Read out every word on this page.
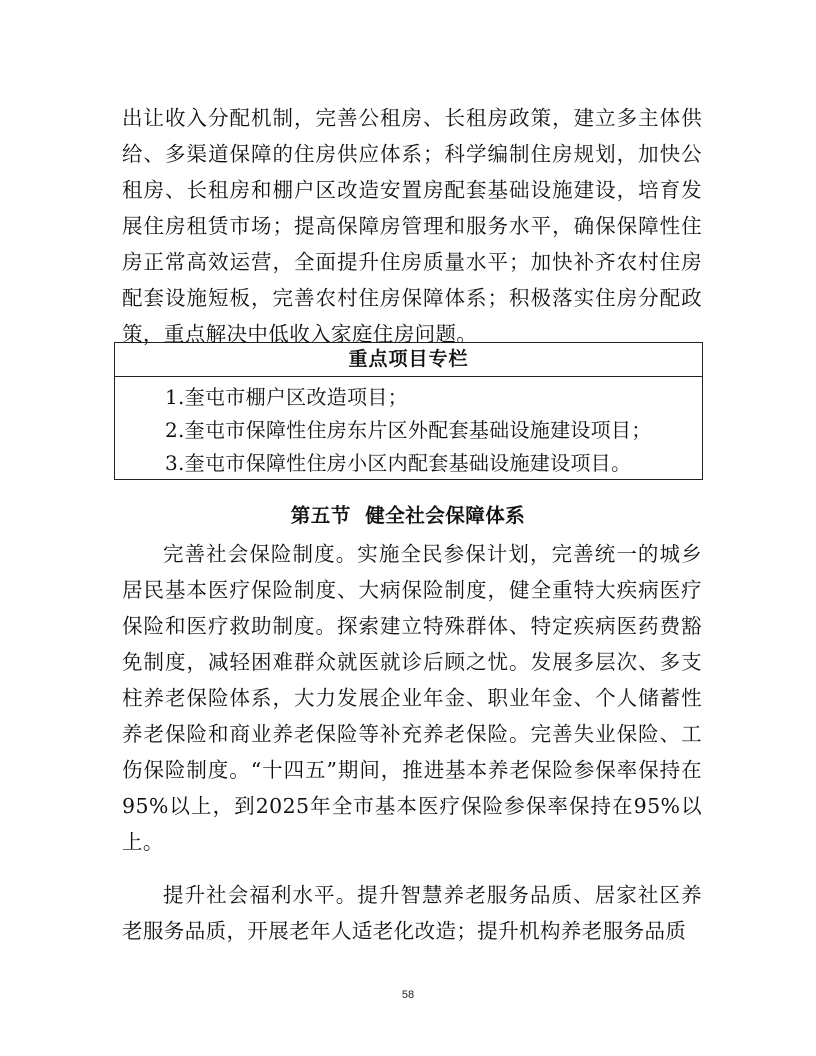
出让收入分配机制，完善公租房、长租房政策，建立多主体供给、多渠道保障的住房供应体系；科学编制住房规划，加快公租房、长租房和棚户区改造安置房配套基础设施建设，培育发展住房租赁市场；提高保障房管理和服务水平，确保保障性住房正常高效运营，全面提升住房质量水平；加快补齐农村住房配套设施短板，完善农村住房保障体系；积极落实住房分配政策，重点解决中低收入家庭住房问题。

重点项目专栏
1.奎屯市棚户区改造项目；
2.奎屯市保障性住房东片区外配套基础设施建设项目；
3.奎屯市保障性住房小区内配套基础设施建设项目。
第五节  健全社会保障体系

完善社会保险制度。实施全民参保计划，完善统一的城乡居民基本医疗保险制度、大病保险制度，健全重特大疾病医疗保险和医疗救助制度。探索建立特殊群体、特定疾病医药费豁免制度，减轻困难群众就医就诊后顾之忧。发展多层次、多支柱养老保险体系，大力发展企业年金、职业年金、个人储蓄性养老保险和商业养老保险等补充养老保险。完善失业保险、工伤保险制度。“十四五”期间，推进基本养老保险参保率保持在95%以上，到2025年全市基本医疗保险参保率保持在95%以上。

提升社会福利水平。提升智慧养老服务品质、居家社区养老服务品质，开展老年人适老化改造；提升机构养老服务品质

58
